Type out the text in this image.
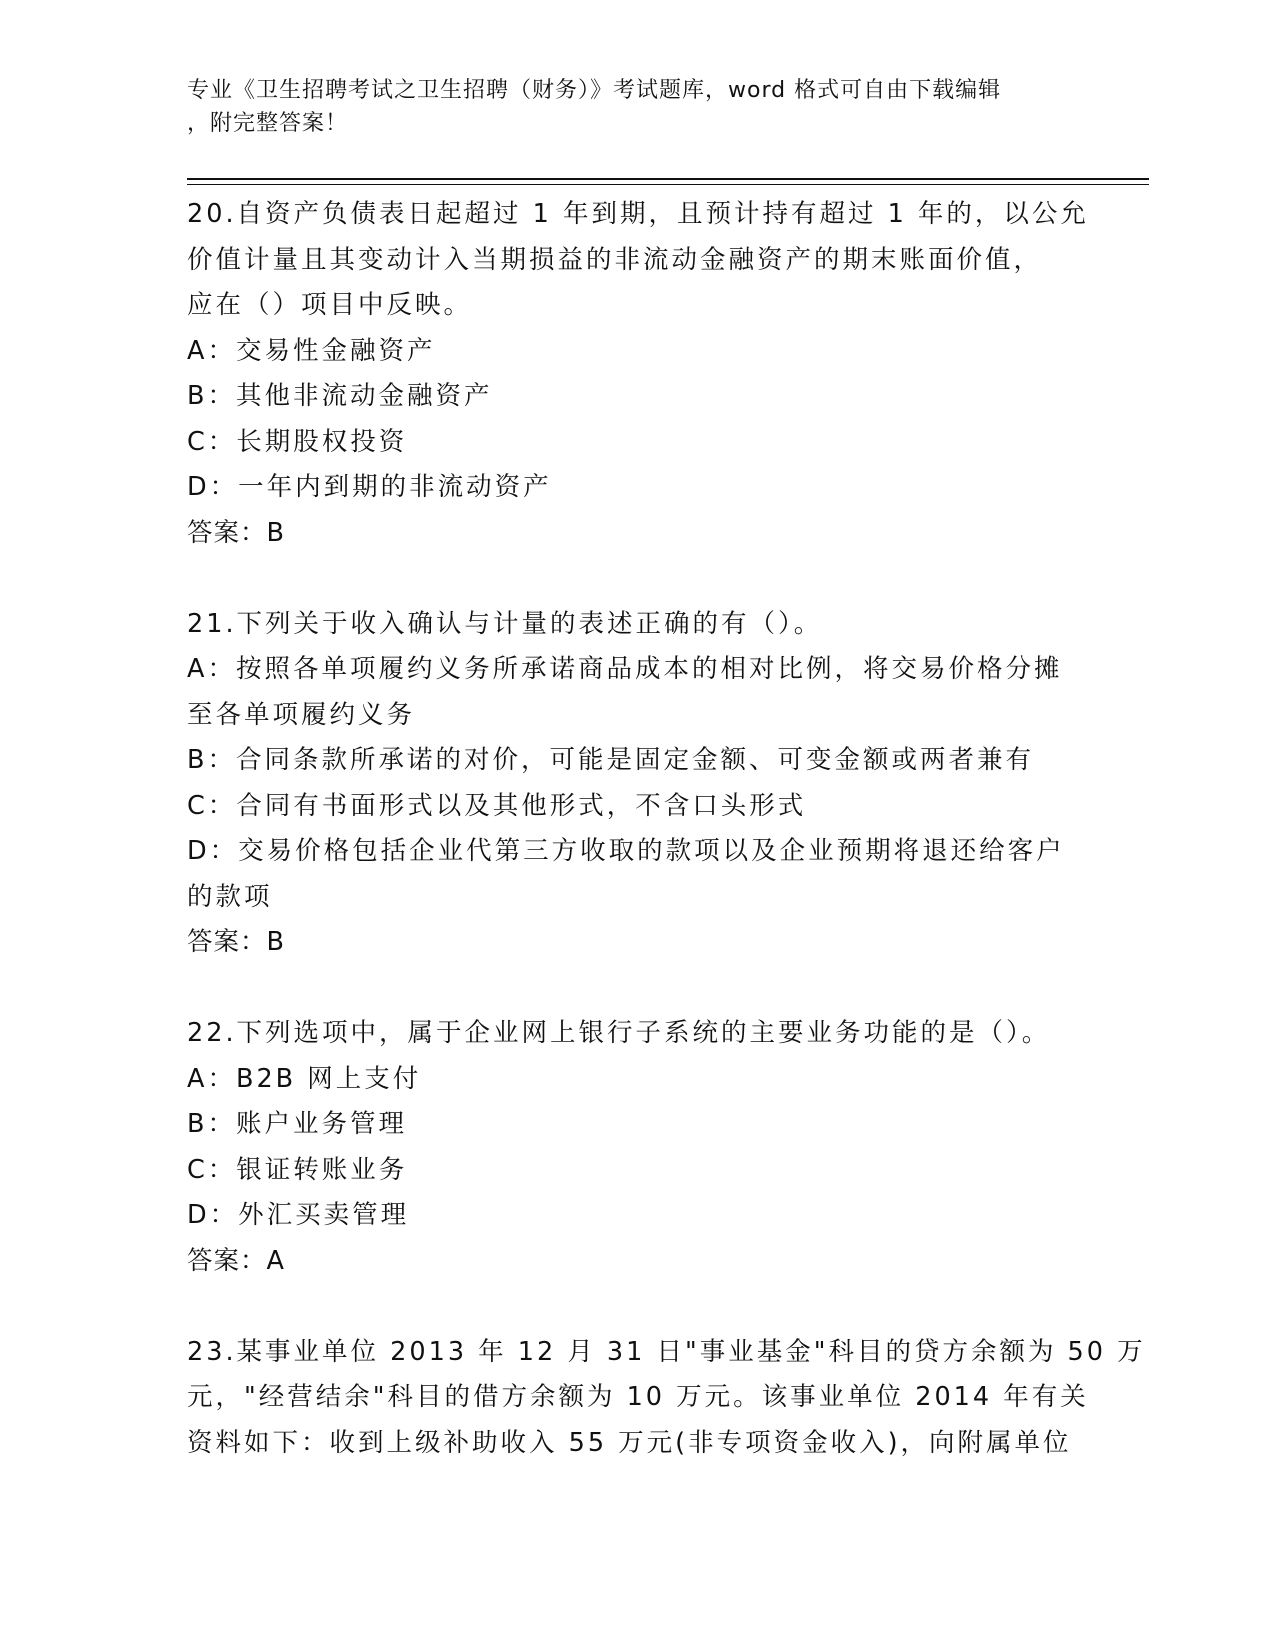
专业《卫生招聘考试之卫生招聘（财务）》考试题库，word 格式可自由下载编辑
，附完整答案！
20.自资产负债表日起超过 1 年到期，且预计持有超过 1 年的，以公允
价值计量且其变动计入当期损益的非流动金融资产的期末账面价值，
应在（）项目中反映。
A：交易性金融资产
B：其他非流动金融资产
C：长期股权投资
D：一年内到期的非流动资产
答案：B
21.下列关于收入确认与计量的表述正确的有（）。
A：按照各单项履约义务所承诺商品成本的相对比例，将交易价格分摊
至各单项履约义务
B：合同条款所承诺的对价，可能是固定金额、可变金额或两者兼有
C：合同有书面形式以及其他形式，不含口头形式
D：交易价格包括企业代第三方收取的款项以及企业预期将退还给客户
的款项
答案：B
22.下列选项中，属于企业网上银行子系统的主要业务功能的是（）。
A：B2B 网上支付
B：账户业务管理
C：银证转账业务
D：外汇买卖管理
答案：A
23.某事业单位 2013 年 12 月 31 日"事业基金"科目的贷方余额为 50 万
元，"经营结余"科目的借方余额为 10 万元。该事业单位 2014 年有关
资料如下：收到上级补助收入 55 万元(非专项资金收入)，向附属单位
